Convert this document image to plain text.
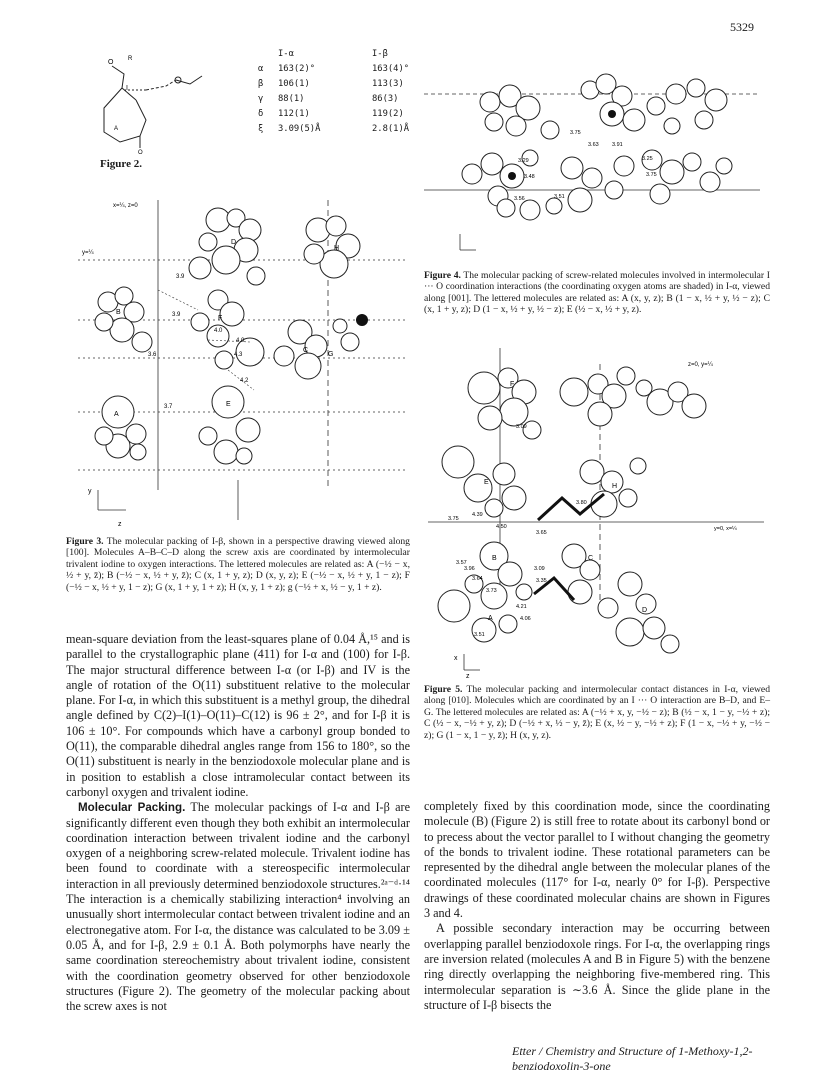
5329
O R
I
A
O
Figure 2.
	I-α	I-β
α	163(2)°	163(4)°
β	106(1)	113(3)
γ	88(1)	86(3)
δ	112(1)	119(2)
ξ	3.09(5)Å	2.8(1)Å
x=¼, z=0
y=¼
D
H
B
F
C
G
A
E
3.9
3.9
4.0
4.0
4.3
3.6
4.2
3.7
y
z
Figure 3. The molecular packing of I-β, shown in a perspective drawing viewed along [100]. Molecules A–B–C–D along the screw axis are coordinated by intermolecular trivalent iodine to oxygen interactions. The lettered molecules are related as: A (−½ − x, ½ + y, z̄); B (−½ − x, ½ + y, z̄); C (x, 1 + y, z); D (x, y, z); E (−½ − x, ½ + y, 1 − z); F (−½ − x, ½ + y, 1 − z); G (x, 1 + y, 1 + z); H (x, y, 1 + z); g (−½ + x, ½ − y, 1 + z).

mean-square deviation from the least-squares plane of 0.04 Å,¹⁵ and is parallel to the crystallographic plane (411) for I-α and (100) for I-β. The major structural difference between I-α (or I-β) and IV is the angle of rotation of the O(11) substituent relative to the molecular plane. For I-α, in which this substituent is a methyl group, the dihedral angle defined by C(2)–I(1)–O(11)–C(12) is 96 ± 2°, and for I-β it is 106 ± 10°. For compounds which have a carbonyl group bonded to O(11), the comparable dihedral angles range from 156 to 180°, so the O(11) substituent is nearly in the benziodoxole molecular plane and is in position to establish a close intramolecular contact between its carbonyl oxygen and trivalent iodine.

Molecular Packing. The molecular packings of I-α and I-β are significantly different even though they both exhibit an intermolecular coordination interaction between trivalent iodine and the carbonyl oxygen of a neighboring screw-related molecule. Trivalent iodine has been found to coordinate with a stereospecific intermolecular interaction in all previously determined benziodoxole structures.²ᵃ⁻ᵈ·¹⁴ The interaction is a chemically stabilizing interaction⁴ involving an unusually short intermolecular contact between trivalent iodine and an electronegative atom. For I-α, the distance was calculated to be 3.09 ± 0.05 Å, and for I-β, 2.9 ± 0.1 Å. Both polymorphs have nearly the same coordination stereochemistry about trivalent iodine, consistent with the coordination geometry observed for other benziodoxole structures (Figure 2). The geometry of the molecular packing about the screw axes is not

3.75
3.63 3.91
3.29
3.48
3.25
3.75
3.56	3.51
Figure 4. The molecular packing of screw-related molecules involved in intermolecular I ··· O coordination interactions (the coordinating oxygen atoms are shaded) in I-α, viewed along [001]. The lettered molecules are related as: A (x, y, z); B (1 − x, ½ + y, ½ − z); C (x, 1 + y, z); D (1 − x, ½ + y, ½ − z); E (½ − x, ½ + y, z).
z=0, y=¼
y=0, x=¼
F
E
H
B	C
A
D
3.09
3.80
3.75
4.39
4.50
3.65
3.57
3.96
3.64
3.09
3.35
3.73
4.21
4.06
3.51
x
z
Figure 5. The molecular packing and intermolecular contact distances in I-α, viewed along [010]. Molecules which are coordinated by an I ··· O interaction are B–D, and E–G. The lettered molecules are related as: A (−½ + x, y, −½ − z); B (½ − x, 1 − y, −½ + z); C (½ − x, −½ + y, z); D (−½ + x, ½ − y, z̄); E (x, ½ − y, −½ + z); F (1 − x, −½ + y, −½ − z); G (1 − x, 1 − y, z̄); H (x, y, z).

completely fixed by this coordination mode, since the coordinating molecule (B) (Figure 2) is still free to rotate about its carbonyl bond or to precess about the vector parallel to I without changing the geometry of the bonds to trivalent iodine. These rotational parameters can be represented by the dihedral angle between the molecular planes of the coordinated molecules (117° for I-α, nearly 0° for I-β). Perspective drawings of these coordinated molecular chains are shown in Figures 3 and 4.

A possible secondary interaction may be occurring between overlapping parallel benziodoxole rings. For I-α, the overlapping rings are inversion related (molecules A and B in Figure 5) with the benzene ring directly overlapping the neighboring five-membered ring. This intermolecular separation is ∼3.6 Å. Since the glide plane in the structure of I-β bisects the

Etter / Chemistry and Structure of 1-Methoxy-1,2-benziodoxolin-3-one
